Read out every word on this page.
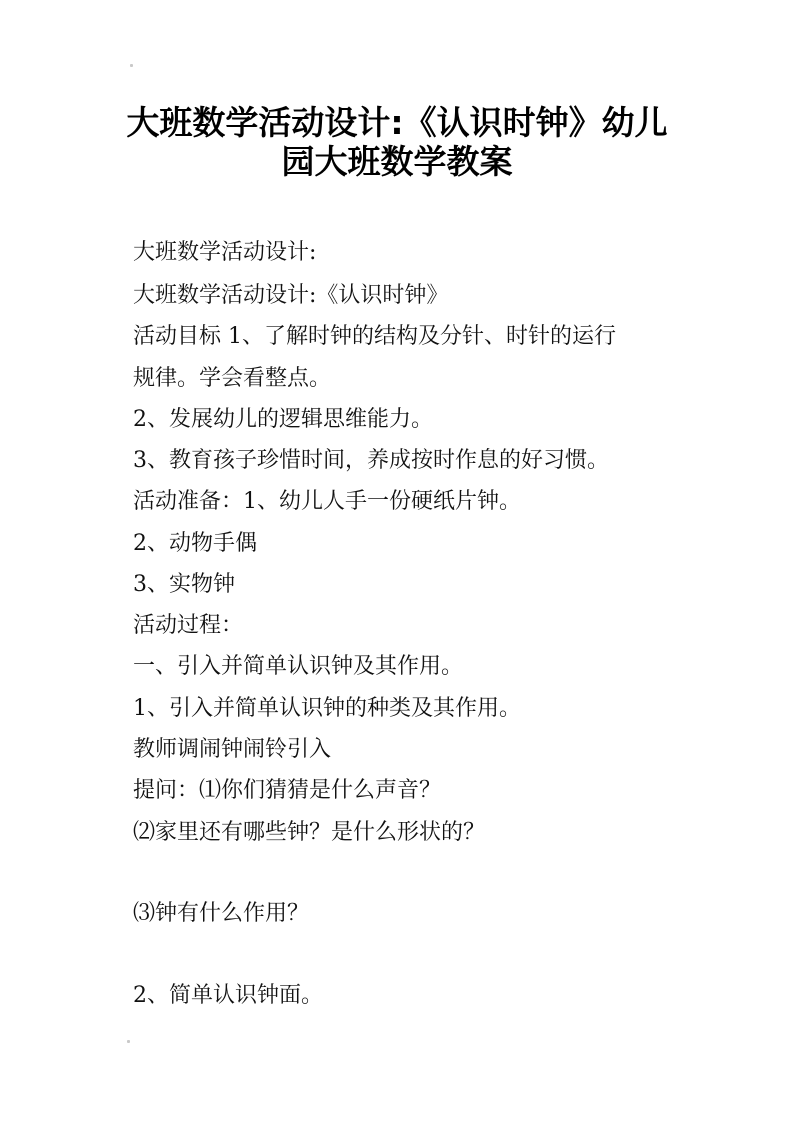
大班数学活动设计:《认识时钟》幼儿
园大班数学教案
大班数学活动设计:
大班数学活动设计:《认识时钟》
活动目标 1、了解时钟的结构及分针、时针的运行
规律。学会看整点。
2、发展幼儿的逻辑思维能力。
3、教育孩子珍惜时间，养成按时作息的好习惯。
活动准备：1、幼儿人手一份硬纸片钟。
2、动物手偶
3、实物钟
活动过程：
一、引入并简单认识钟及其作用。
1、引入并简单认识钟的种类及其作用。
教师调闹钟闹铃引入
提问：⑴你们猜猜是什么声音？
⑵家里还有哪些钟？是什么形状的？
⑶钟有什么作用？
2、简单认识钟面。
